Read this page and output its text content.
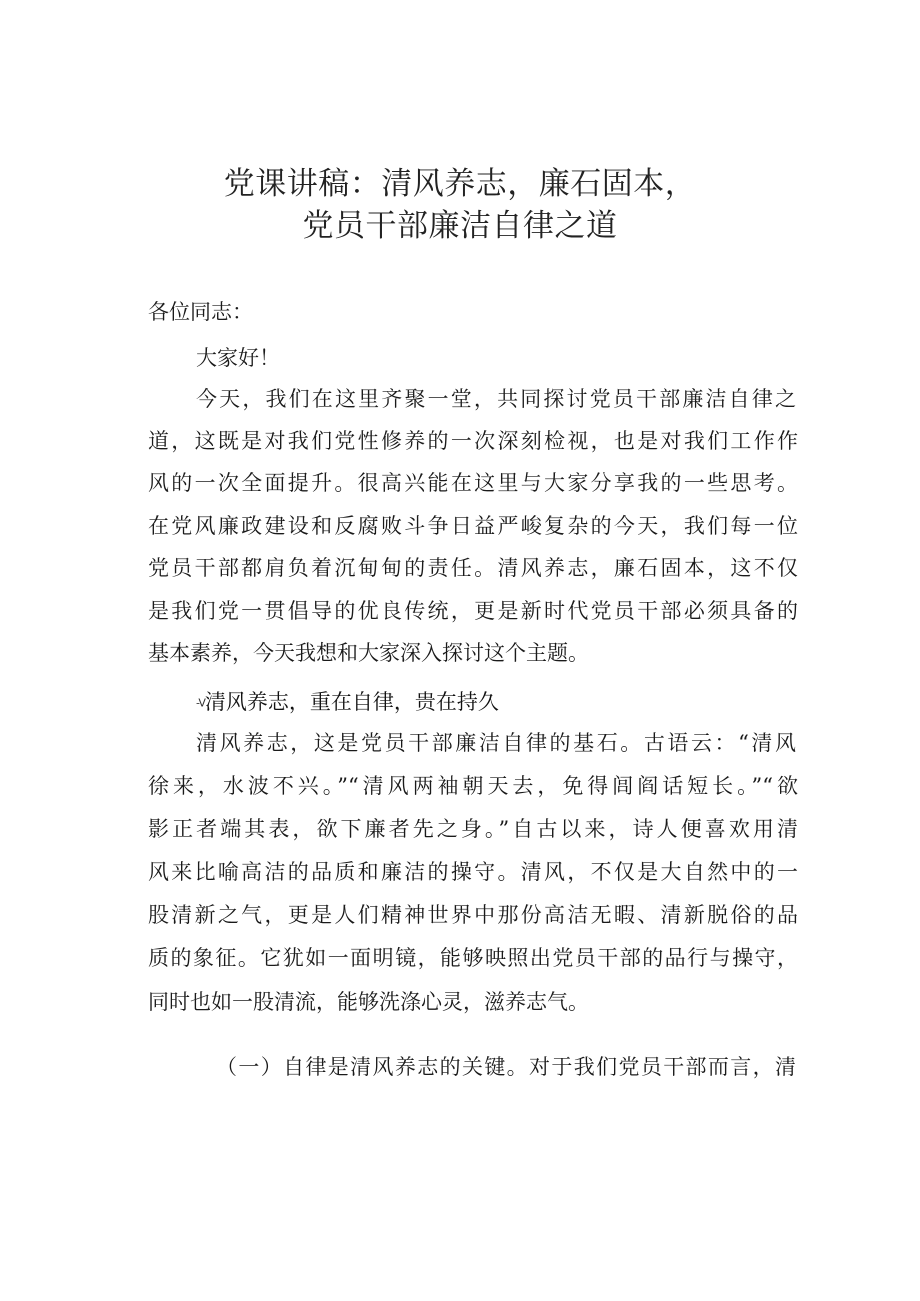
党课讲稿：清风养志，廉石固本，
党员干部廉洁自律之道
各位同志：
大家好！
今天，我们在这里齐聚一堂，共同探讨党员干部廉洁自律之
道，这既是对我们党性修养的一次深刻检视，也是对我们工作作
风的一次全面提升。很高兴能在这里与大家分享我的一些思考。
在党风廉政建设和反腐败斗争日益严峻复杂的今天，我们每一位
党员干部都肩负着沉甸甸的责任。清风养志，廉石固本，这不仅
是我们党一贯倡导的优良传统，更是新时代党员干部必须具备的
基本素养，今天我想和大家深入探讨这个主题。
-V清风养志，重在自律，贵在持久
清风养志，这是党员干部廉洁自律的基石。古语云：“清风
徐来，水波不兴。”“清风两袖朝天去，免得闾阎话短长。”“欲
影正者端其表，欲下廉者先之身。”自古以来，诗人便喜欢用清
风来比喻高洁的品质和廉洁的操守。清风，不仅是大自然中的一
股清新之气，更是人们精神世界中那份高洁无暇、清新脱俗的品
质的象征。它犹如一面明镜，能够映照出党员干部的品行与操守，
同时也如一股清流，能够洗涤心灵，滋养志气。
（一）自律是清风养志的关键。对于我们党员干部而言，清
